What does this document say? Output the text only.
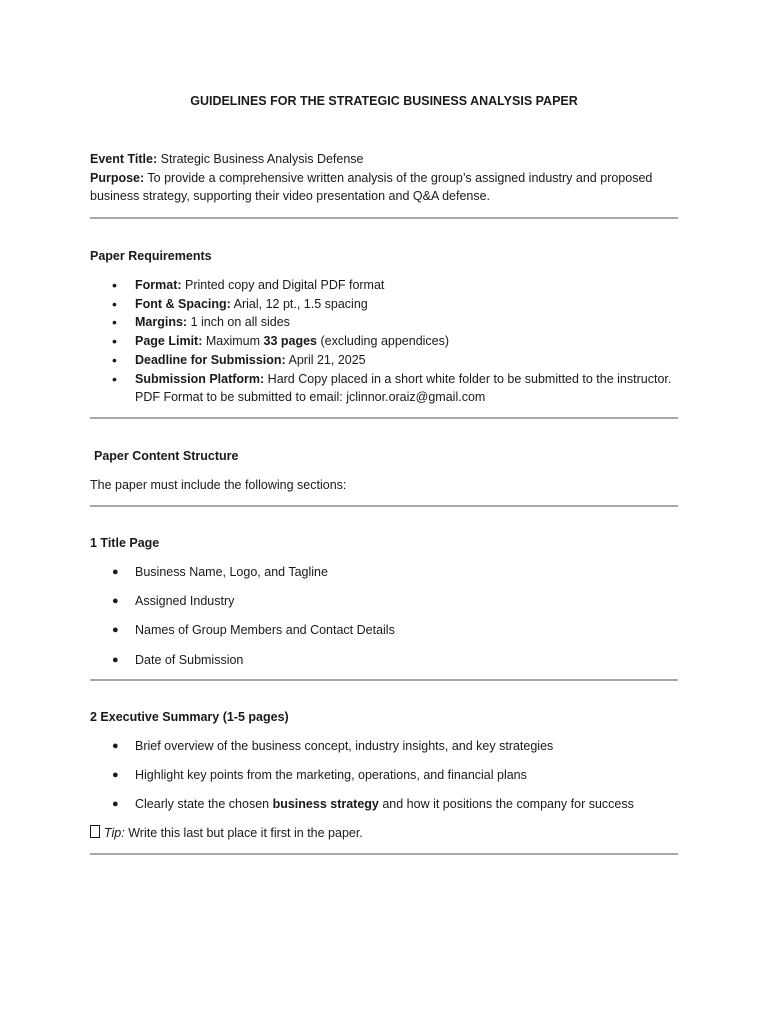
GUIDELINES FOR THE STRATEGIC BUSINESS ANALYSIS PAPER
Event Title: Strategic Business Analysis Defense
Purpose: To provide a comprehensive written analysis of the group’s assigned industry and proposed business strategy, supporting their video presentation and Q&A defense.
Paper Requirements
• Format: Printed copy and Digital PDF format
• Font & Spacing: Arial, 12 pt., 1.5 spacing
• Margins: 1 inch on all sides
• Page Limit: Maximum 33 pages (excluding appendices)
• Deadline for Submission: April 21, 2025
• Submission Platform: Hard Copy placed in a short white folder to be submitted to the instructor. PDF Format to be submitted to email: jclinnor.oraiz@gmail.com
Paper Content Structure
The paper must include the following sections:
1 Title Page
● Business Name, Logo, and Tagline
● Assigned Industry
● Names of Group Members and Contact Details
● Date of Submission
2 Executive Summary (1-5 pages)
● Brief overview of the business concept, industry insights, and key strategies
● Highlight key points from the marketing, operations, and financial plans
● Clearly state the chosen business strategy and how it positions the company for success
Tip: Write this last but place it first in the paper.
